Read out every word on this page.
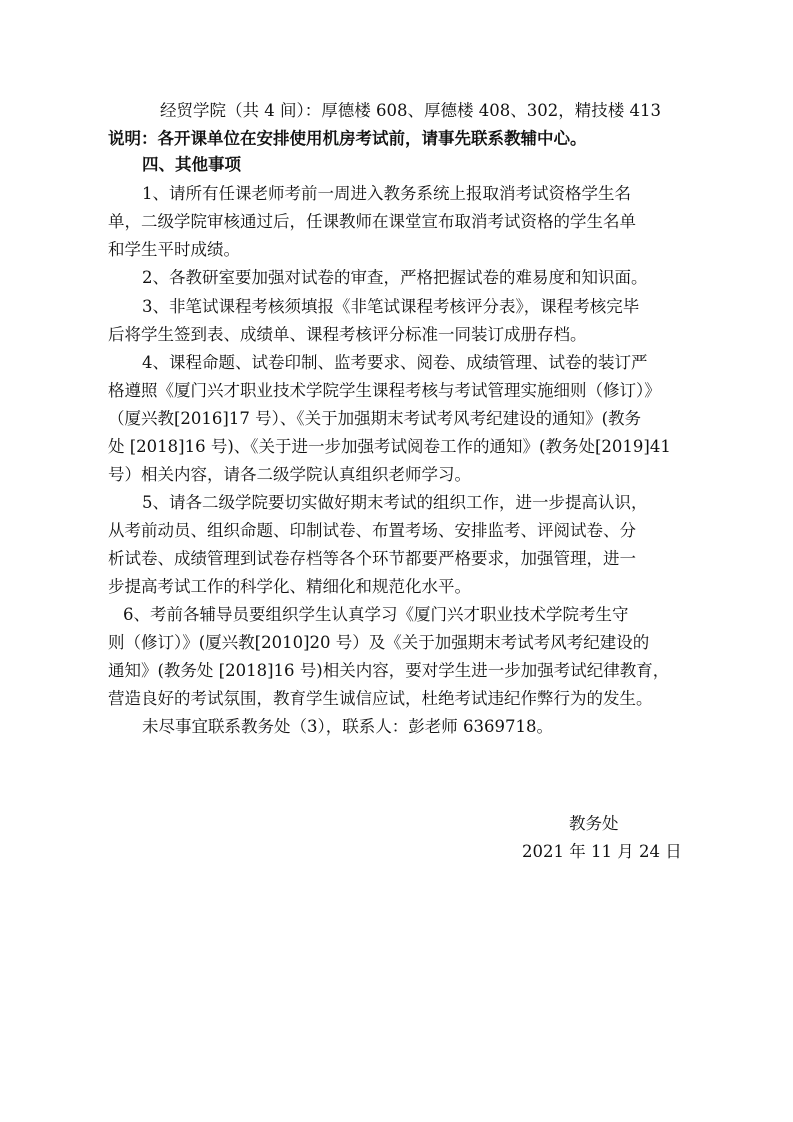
经贸学院（共 4 间）：厚德楼 608、厚德楼 408、302，精技楼 413
说明：各开课单位在安排使用机房考试前，请事先联系教辅中心。
四、其他事项
1、请所有任课老师考前一周进入教务系统上报取消考试资格学生名
单，二级学院审核通过后，任课教师在课堂宣布取消考试资格的学生名单
和学生平时成绩。
2、各教研室要加强对试卷的审查，严格把握试卷的难易度和知识面。
3、非笔试课程考核须填报《非笔试课程考核评分表》，课程考核完毕
后将学生签到表、成绩单、课程考核评分标准一同装订成册存档。
4、课程命题、试卷印制、监考要求、阅卷、成绩管理、试卷的装订严
格遵照《厦门兴才职业技术学院学生课程考核与考试管理实施细则（修订）》
（厦兴教[2016]17 号）、《关于加强期末考试考风考纪建设的通知》(教务
处 [2018]16 号)、《关于进一步加强考试阅卷工作的通知》(教务处[2019]41
号）相关内容，请各二级学院认真组织老师学习。
5、请各二级学院要切实做好期末考试的组织工作，进一步提高认识，
从考前动员、组织命题、印制试卷、布置考场、安排监考、评阅试卷、分
析试卷、成绩管理到试卷存档等各个环节都要严格要求，加强管理，进一
步提高考试工作的科学化、精细化和规范化水平。
6、考前各辅导员要组织学生认真学习《厦门兴才职业技术学院考生守
则（修订）》(厦兴教[2010]20 号）及《关于加强期末考试考风考纪建设的
通知》(教务处 [2018]16 号)相关内容，要对学生进一步加强考试纪律教育，
营造良好的考试氛围，教育学生诚信应试，杜绝考试违纪作弊行为的发生。
未尽事宜联系教务处（3），联系人：彭老师 6369718。
教务处
2021 年 11 月 24 日
